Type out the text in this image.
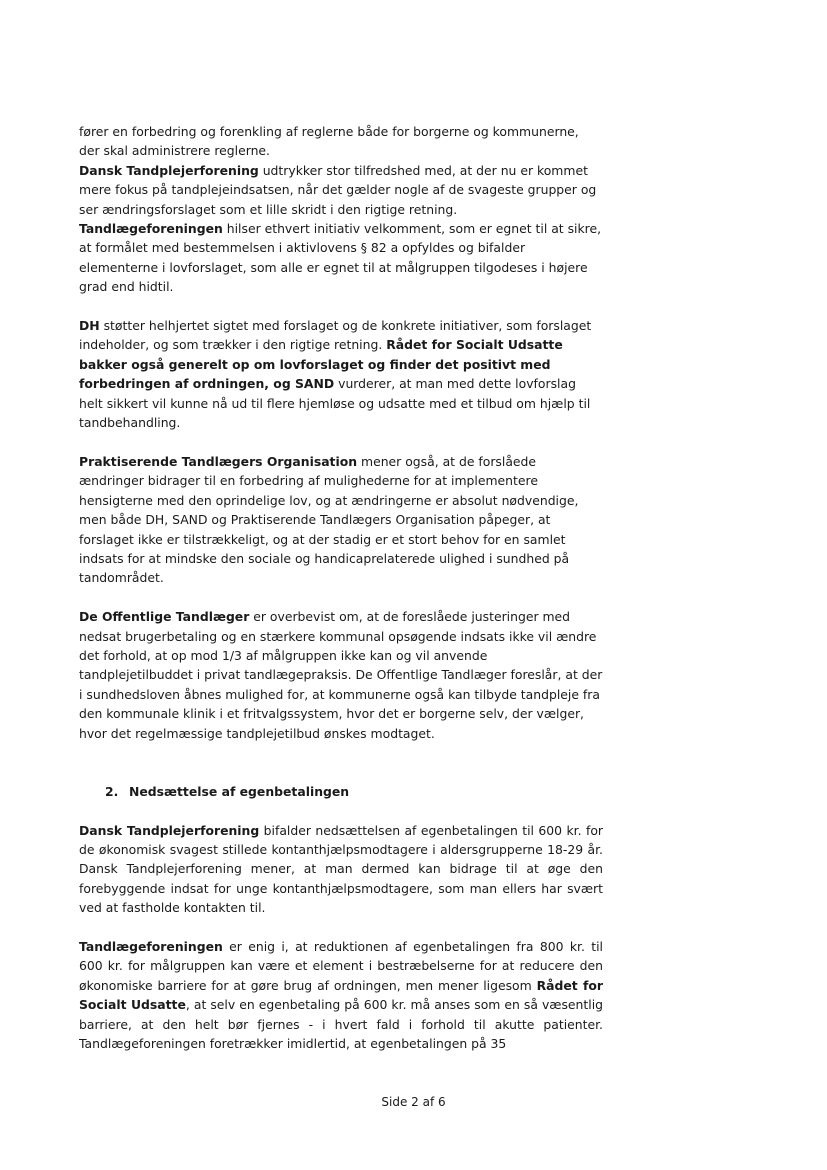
fører en forbedring og forenkling af reglerne både for borgerne og kommunerne, der skal administrere reglerne.
Dansk Tandplejerforening udtrykker stor tilfredshed med, at der nu er kommet mere fokus på tandplejeindsatsen, når det gælder nogle af de svageste grupper og ser ændringsforslaget som et lille skridt i den rigtige retning. Tandlægeforeningen hilser ethvert initiativ velkomment, som er egnet til at sikre, at formålet med bestemmelsen i aktivlovens § 82 a opfyldes og bifalder elementerne i lovforslaget, som alle er egnet til at målgruppen tilgodeses i højere grad end hidtil.

DH støtter helhjertet sigtet med forslaget og de konkrete initiativer, som forslaget indeholder, og som trækker i den rigtige retning. Rådet for Socialt Udsatte bakker også generelt op om lovforslaget og finder det positivt med forbedringen af ordningen, og SAND vurderer, at man med dette lovforslag helt sikkert vil kunne nå ud til flere hjemløse og udsatte med et tilbud om hjælp til tandbehandling.

Praktiserende Tandlægers Organisation mener også, at de forslåede ændringer bidrager til en forbedring af mulighederne for at implementere hensigterne med den oprindelige lov, og at ændringerne er absolut nødvendige, men både DH, SAND og Praktiserende Tandlægers Organisation påpeger, at forslaget ikke er tilstrækkeligt, og at der stadig er et stort behov for en samlet indsats for at mindske den sociale og handicaprelaterede ulighed i sundhed på tandområdet.

De Offentlige Tandlæger er overbevist om, at de foreslåede justeringer med nedsat brugerbetaling og en stærkere kommunal opsøgende indsats ikke vil ændre det forhold, at op mod 1/3 af målgruppen ikke kan og vil anvende tandplejetilbuddet i privat tandlægepraksis. De Offentlige Tandlæger foreslår, at der i sundhedsloven åbnes mulighed for, at kommunerne også kan tilbyde tandpleje fra den kommunale klinik i et fritvalgssystem, hvor det er borgerne selv, der vælger, hvor det regelmæssige tandplejetilbud ønskes modtaget.

2. Nedsættelse af egenbetalingen

Dansk Tandplejerforening bifalder nedsættelsen af egenbetalingen til 600 kr. for de økonomisk svagest stillede kontanthjælpsmodtagere i aldersgrupperne 18-29 år. Dansk Tandplejerforening mener, at man dermed kan bidrage til at øge den forebyggende indsat for unge kontanthjælpsmodtagere, som man ellers har svært ved at fastholde kontakten til.

Tandlægeforeningen er enig i, at reduktionen af egenbetalingen fra 800 kr. til 600 kr. for målgruppen kan være et element i bestræbelserne for at reducere den økonomiske barriere for at gøre brug af ordningen, men mener ligesom Rådet for Socialt Udsatte, at selv en egenbetaling på 600 kr. må anses som en så væsentlig barriere, at den helt bør fjernes - i hvert fald i forhold til akutte patienter. Tandlægeforeningen foretrækker imidlertid, at egenbetalingen på 35

Side 2 af 6
